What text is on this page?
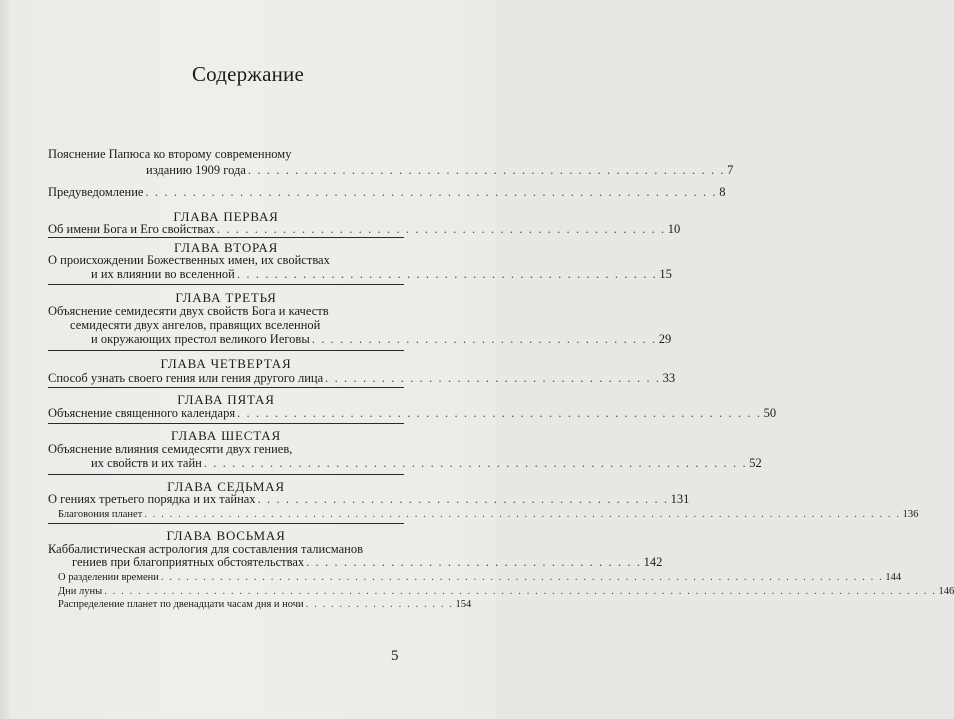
Содержание
Пояснение Папюса ко второму современному
изданию 1909 года . . . . . . . . . . . . . . . . . . . . . . . . . . . . . . . . . . . . . . . . . . . . . . . . . . . 7
Предуведомление . . . . . . . . . . . . . . . . . . . . . . . . . . . . . . . . . . . . . . . . . . . . . . . . . . . . . . . . . . . . . 8
ГЛАВА ПЕРВАЯ
Об имени Бога и Его свойствах . . . . . . . . . . . . . . . . . . . . . . . . . . . . . . . . . . . . . . . . . . . . . . . . 10
ГЛАВА ВТОРАЯ
О происхождении Божественных имен, их свойствах
и их влиянии во вселенной . . . . . . . . . . . . . . . . . . . . . . . . . . . . . . . . . . . . . . . . . . . . . 15
ГЛАВА ТРЕТЬЯ
Объяснение семидесяти двух свойств Бога и качеств
семидесяти двух ангелов, правящих вселенной
и окружающих престол великого Иеговы . . . . . . . . . . . . . . . . . . . . . . . . . . . . . . . . . . . . . 29
ГЛАВА ЧЕТВЕРТАЯ
Способ узнать своего гения или гения другого лица . . . . . . . . . . . . . . . . . . . . . . . . . . . . . . . . . . . . 33
ГЛАВА ПЯТАЯ
Объяснение священного календаря . . . . . . . . . . . . . . . . . . . . . . . . . . . . . . . . . . . . . . . . . . . . . . . . . . . . . . . . 50
ГЛАВА ШЕСТАЯ
Объяснение влияния семидесяти двух гениев,
их свойств и их тайн . . . . . . . . . . . . . . . . . . . . . . . . . . . . . . . . . . . . . . . . . . . . . . . . . . . . . . . . . . 52
ГЛАВА СЕДЬМАЯ
О гениях третьего порядка и их тайнах . . . . . . . . . . . . . . . . . . . . . . . . . . . . . . . . . . . . . . . . . . . . 131
Благовония планет . . . . . . . . . . . . . . . . . . . . . . . . . . . . . . . . . . . . . . . . . . . . . . . . . . . . . . . . . . . . . . . . . . . . . . . . . . . . . . . . . . . . . . . . . . 136
ГЛАВА ВОСЬМАЯ
Каббалистическая астрология для составления талисманов
гениев при благоприятных обстоятельствах . . . . . . . . . . . . . . . . . . . . . . . . . . . . . . . . . . . . 142
О разделении времени . . . . . . . . . . . . . . . . . . . . . . . . . . . . . . . . . . . . . . . . . . . . . . . . . . . . . . . . . . . . . . . . . . . . . . . . . . . . . . . . . . . . . . 144
Дни луны . . . . . . . . . . . . . . . . . . . . . . . . . . . . . . . . . . . . . . . . . . . . . . . . . . . . . . . . . . . . . . . . . . . . . . . . . . . . . . . . . . . . . . . . . . . . . . . . . . . 146
Распределение планет по двенадцати часам дня и ночи . . . . . . . . . . . . . . . . . . 154
5
